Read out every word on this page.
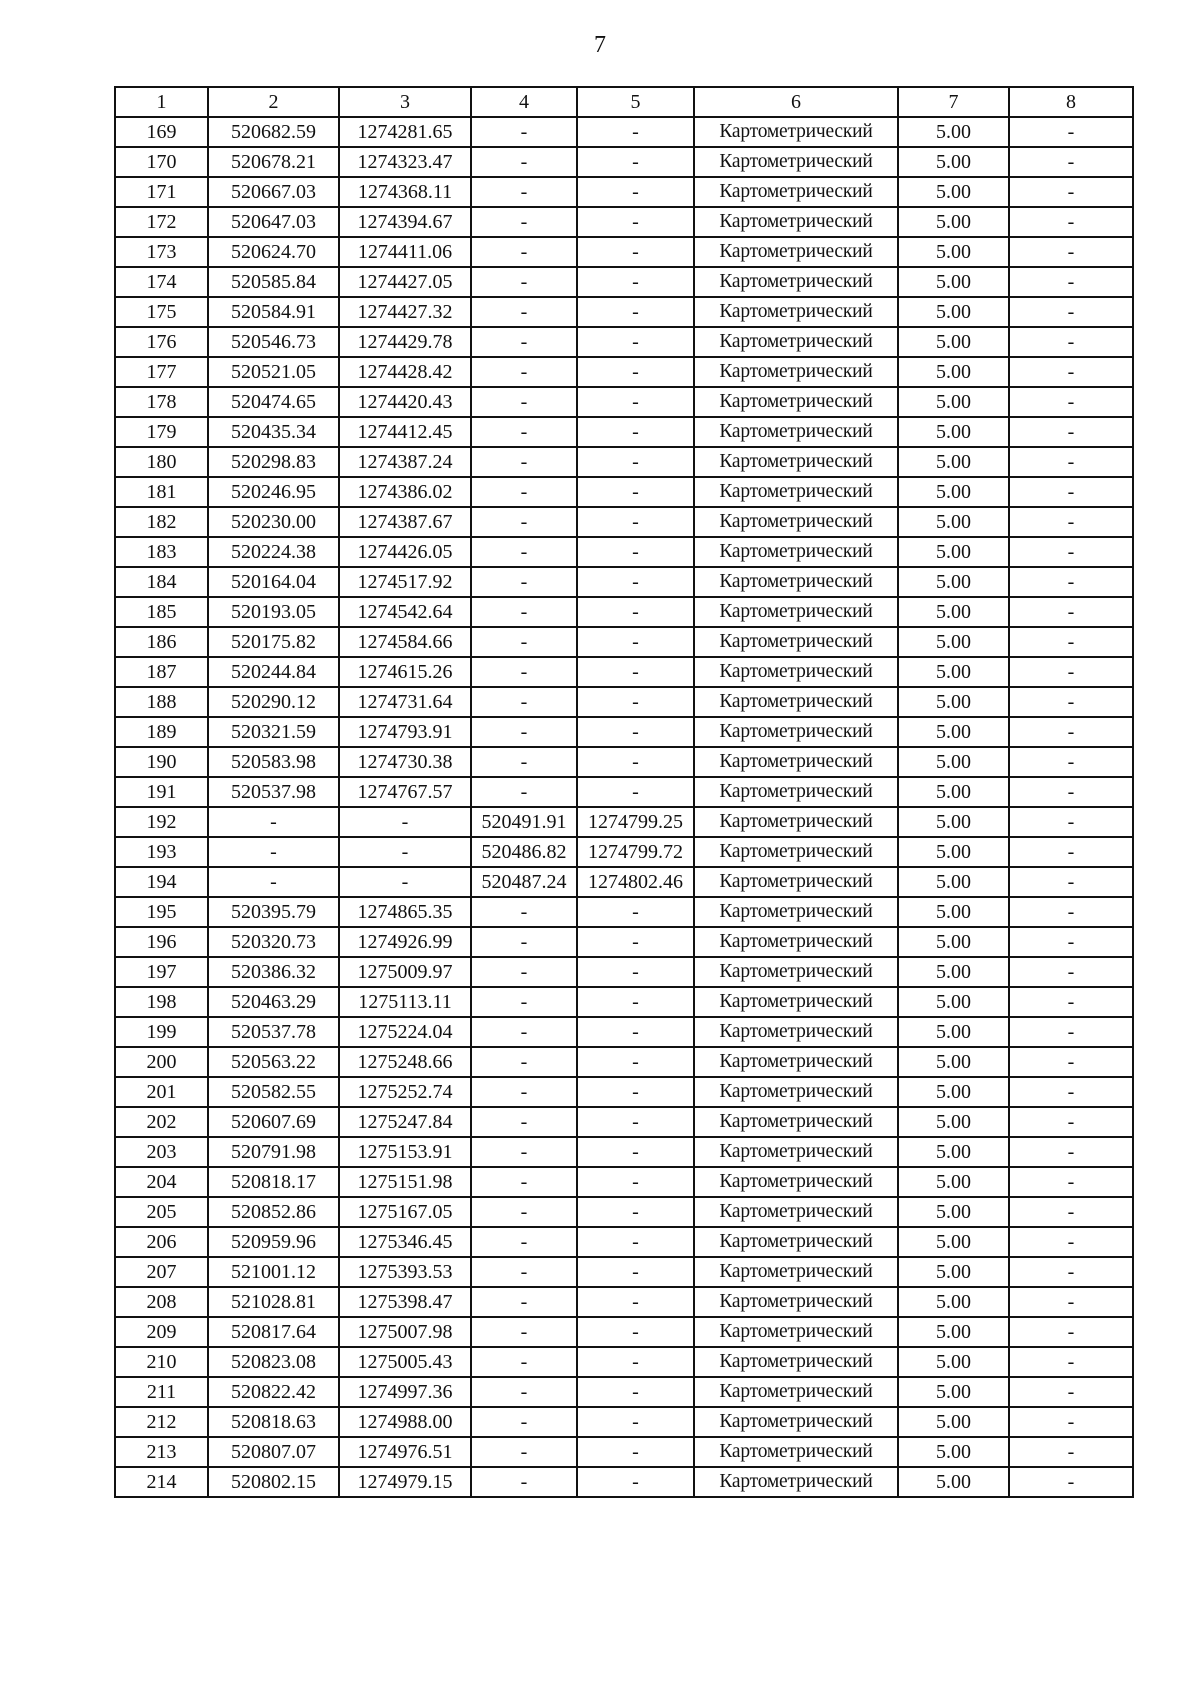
7
1	2	3	4	5	6	7	8
169	520682.59	1274281.65	-	-	Картометрический	5.00	-
170	520678.21	1274323.47	-	-	Картометрический	5.00	-
171	520667.03	1274368.11	-	-	Картометрический	5.00	-
172	520647.03	1274394.67	-	-	Картометрический	5.00	-
173	520624.70	1274411.06	-	-	Картометрический	5.00	-
174	520585.84	1274427.05	-	-	Картометрический	5.00	-
175	520584.91	1274427.32	-	-	Картометрический	5.00	-
176	520546.73	1274429.78	-	-	Картометрический	5.00	-
177	520521.05	1274428.42	-	-	Картометрический	5.00	-
178	520474.65	1274420.43	-	-	Картометрический	5.00	-
179	520435.34	1274412.45	-	-	Картометрический	5.00	-
180	520298.83	1274387.24	-	-	Картометрический	5.00	-
181	520246.95	1274386.02	-	-	Картометрический	5.00	-
182	520230.00	1274387.67	-	-	Картометрический	5.00	-
183	520224.38	1274426.05	-	-	Картометрический	5.00	-
184	520164.04	1274517.92	-	-	Картометрический	5.00	-
185	520193.05	1274542.64	-	-	Картометрический	5.00	-
186	520175.82	1274584.66	-	-	Картометрический	5.00	-
187	520244.84	1274615.26	-	-	Картометрический	5.00	-
188	520290.12	1274731.64	-	-	Картометрический	5.00	-
189	520321.59	1274793.91	-	-	Картометрический	5.00	-
190	520583.98	1274730.38	-	-	Картометрический	5.00	-
191	520537.98	1274767.57	-	-	Картометрический	5.00	-
192	-	-	520491.91	1274799.25	Картометрический	5.00	-
193	-	-	520486.82	1274799.72	Картометрический	5.00	-
194	-	-	520487.24	1274802.46	Картометрический	5.00	-
195	520395.79	1274865.35	-	-	Картометрический	5.00	-
196	520320.73	1274926.99	-	-	Картометрический	5.00	-
197	520386.32	1275009.97	-	-	Картометрический	5.00	-
198	520463.29	1275113.11	-	-	Картометрический	5.00	-
199	520537.78	1275224.04	-	-	Картометрический	5.00	-
200	520563.22	1275248.66	-	-	Картометрический	5.00	-
201	520582.55	1275252.74	-	-	Картометрический	5.00	-
202	520607.69	1275247.84	-	-	Картометрический	5.00	-
203	520791.98	1275153.91	-	-	Картометрический	5.00	-
204	520818.17	1275151.98	-	-	Картометрический	5.00	-
205	520852.86	1275167.05	-	-	Картометрический	5.00	-
206	520959.96	1275346.45	-	-	Картометрический	5.00	-
207	521001.12	1275393.53	-	-	Картометрический	5.00	-
208	521028.81	1275398.47	-	-	Картометрический	5.00	-
209	520817.64	1275007.98	-	-	Картометрический	5.00	-
210	520823.08	1275005.43	-	-	Картометрический	5.00	-
211	520822.42	1274997.36	-	-	Картометрический	5.00	-
212	520818.63	1274988.00	-	-	Картометрический	5.00	-
213	520807.07	1274976.51	-	-	Картометрический	5.00	-
214	520802.15	1274979.15	-	-	Картометрический	5.00	-
